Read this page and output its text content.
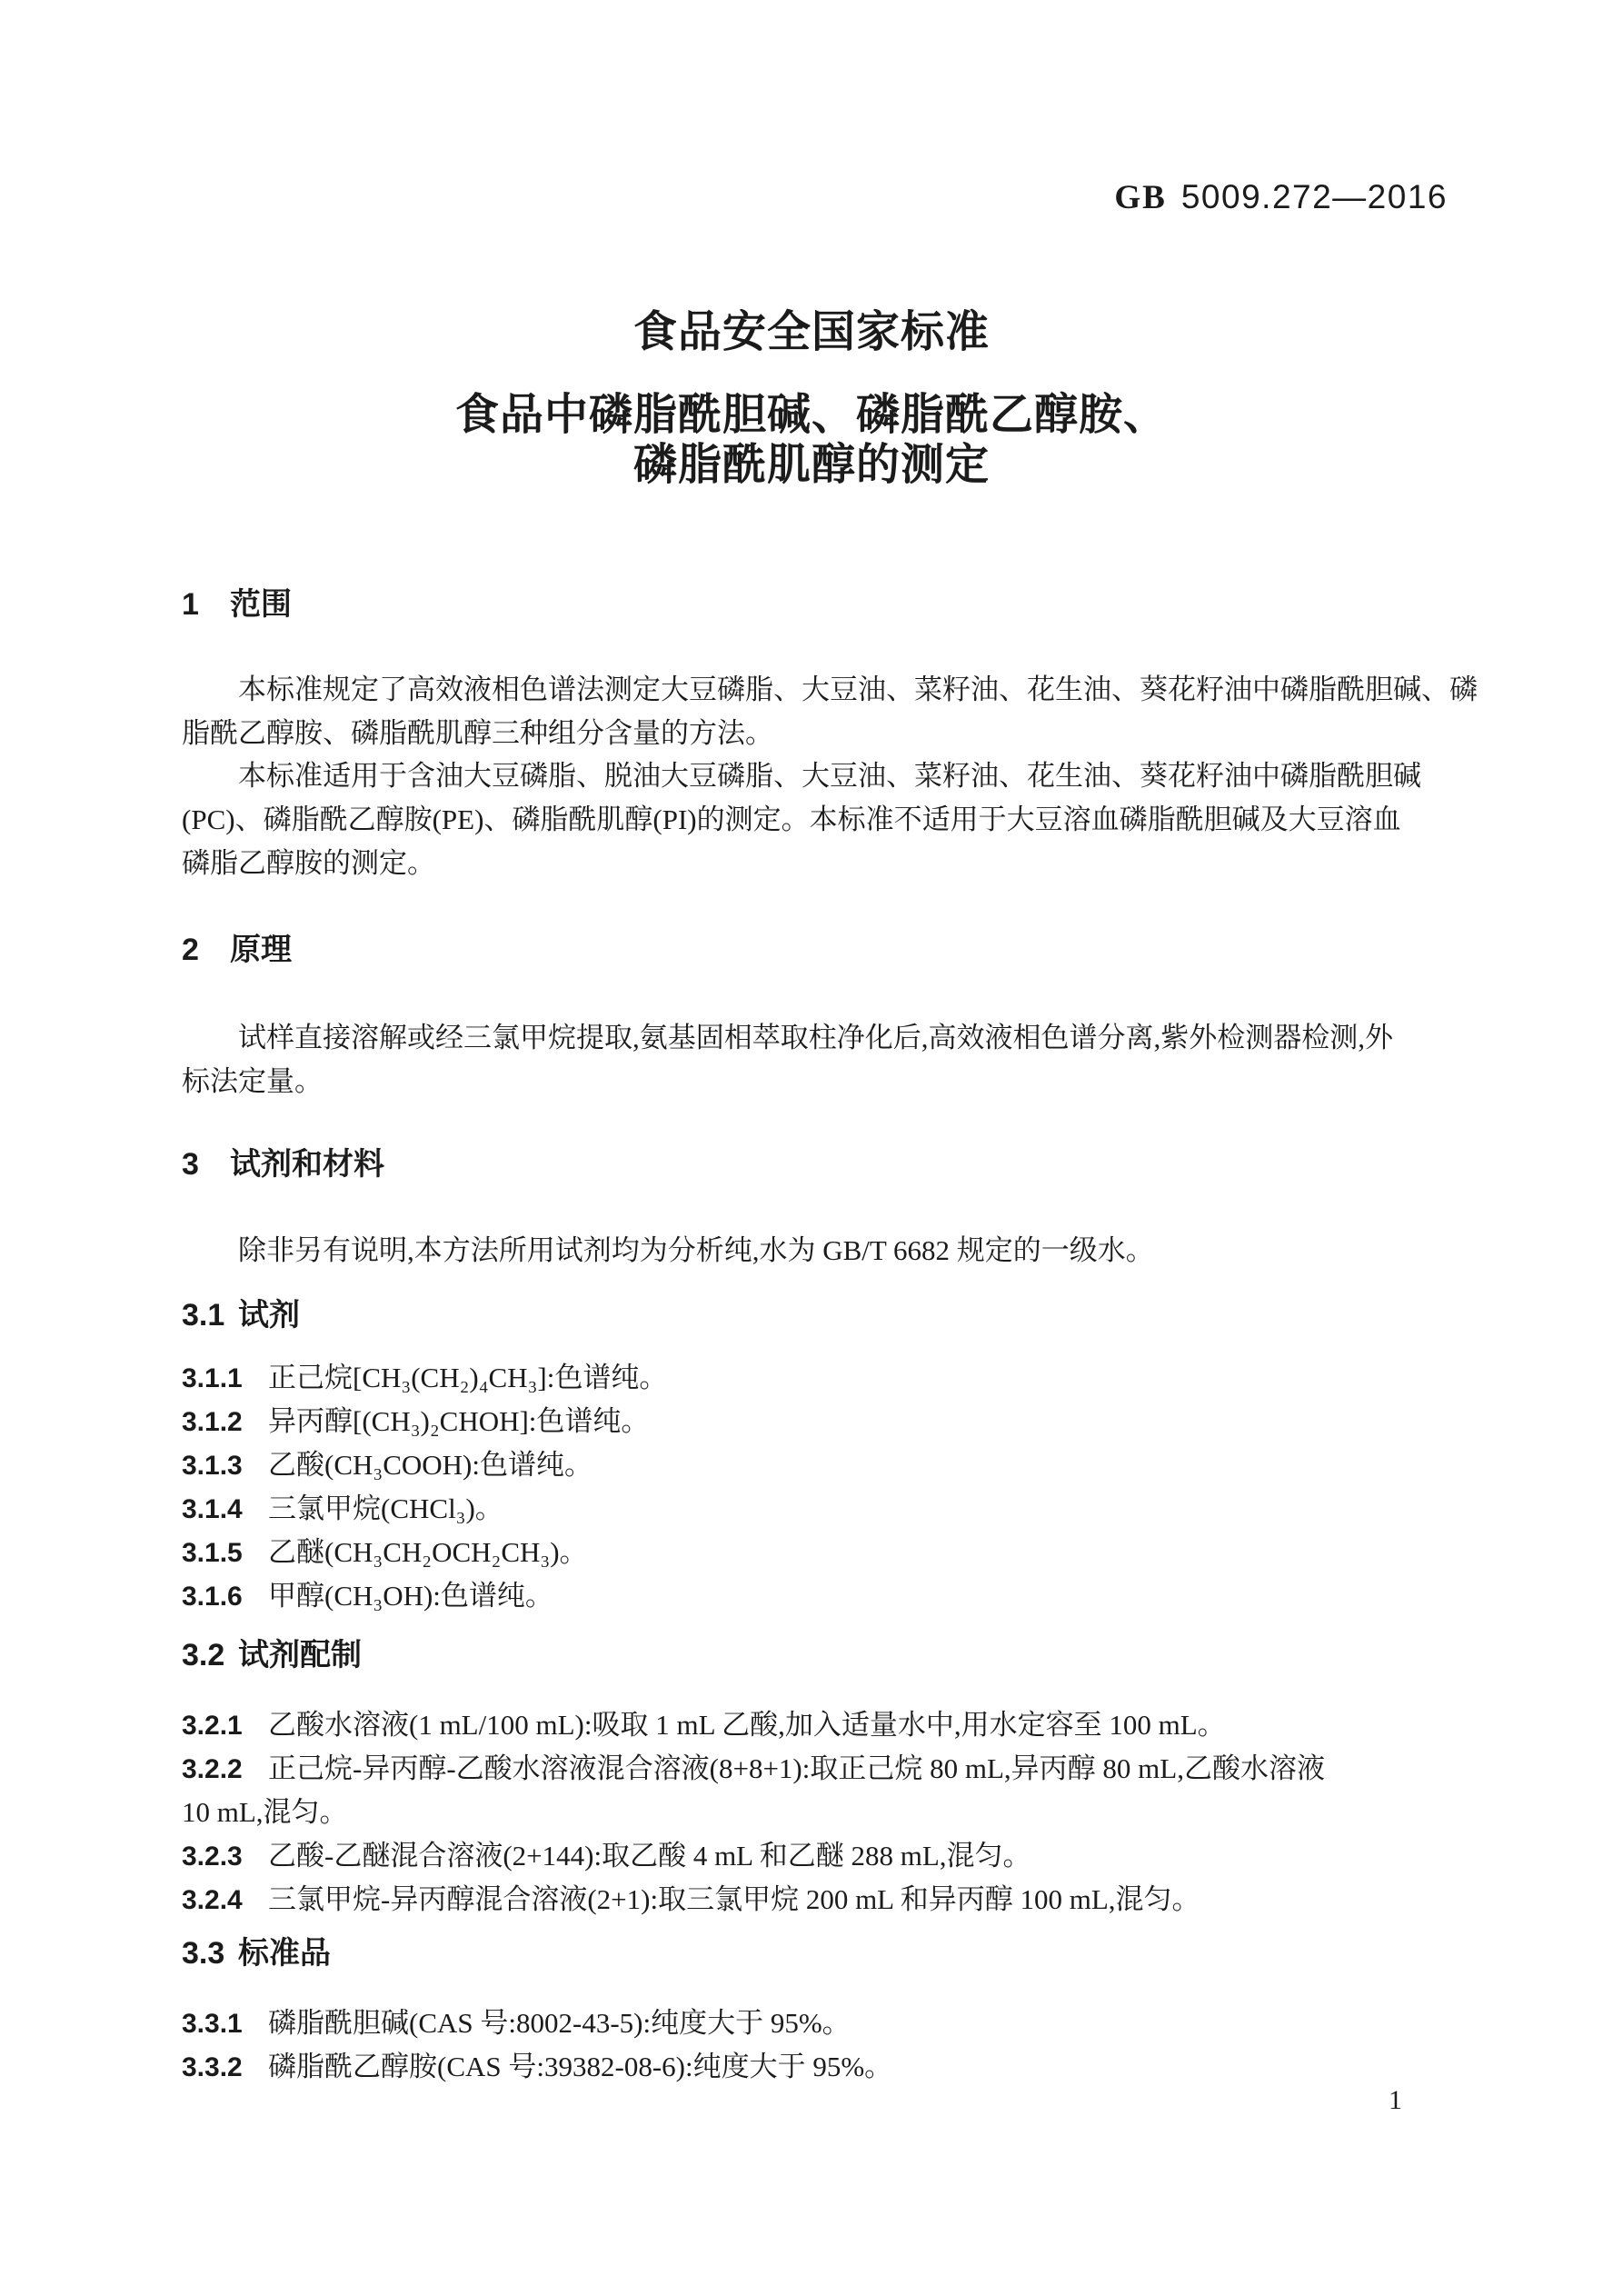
GB 5009.272—2016
食品安全国家标准
食品中磷脂酰胆碱、磷脂酰乙醇胺、
磷脂酰肌醇的测定
1 范围
本标准规定了高效液相色谱法测定大豆磷脂、大豆油、菜籽油、花生油、葵花籽油中磷脂酰胆碱、磷
脂酰乙醇胺、磷脂酰肌醇三种组分含量的方法。
本标准适用于含油大豆磷脂、脱油大豆磷脂、大豆油、菜籽油、花生油、葵花籽油中磷脂酰胆碱
(PC)、磷脂酰乙醇胺(PE)、磷脂酰肌醇(PI)的测定。本标准不适用于大豆溶血磷脂酰胆碱及大豆溶血
磷脂乙醇胺的测定。
2 原理
试样直接溶解或经三氯甲烷提取,氨基固相萃取柱净化后,高效液相色谱分离,紫外检测器检测,外
标法定量。
3 试剂和材料
除非另有说明,本方法所用试剂均为分析纯,水为 GB/T 6682 规定的一级水。
3.1 试剂
3.1.1 正己烷[CH₃(CH₂)₄CH₃]:色谱纯。
3.1.2 异丙醇[(CH₃)₂CHOH]:色谱纯。
3.1.3 乙酸(CH₃COOH):色谱纯。
3.1.4 三氯甲烷(CHCl₃)。
3.1.5 乙醚(CH₃CH₂OCH₂CH₃)。
3.1.6 甲醇(CH₃OH):色谱纯。
3.2 试剂配制
3.2.1 乙酸水溶液(1 mL/100 mL):吸取 1 mL 乙酸,加入适量水中,用水定容至 100 mL。
3.2.2 正己烷-异丙醇-乙酸水溶液混合溶液(8+8+1):取正己烷 80 mL,异丙醇 80 mL,乙酸水溶液
10 mL,混匀。
3.2.3 乙酸-乙醚混合溶液(2+144):取乙酸 4 mL 和乙醚 288 mL,混匀。
3.2.4 三氯甲烷-异丙醇混合溶液(2+1):取三氯甲烷 200 mL 和异丙醇 100 mL,混匀。
3.3 标准品
3.3.1 磷脂酰胆碱(CAS 号:8002-43-5):纯度大于 95%。
3.3.2 磷脂酰乙醇胺(CAS 号:39382-08-6):纯度大于 95%。
1
